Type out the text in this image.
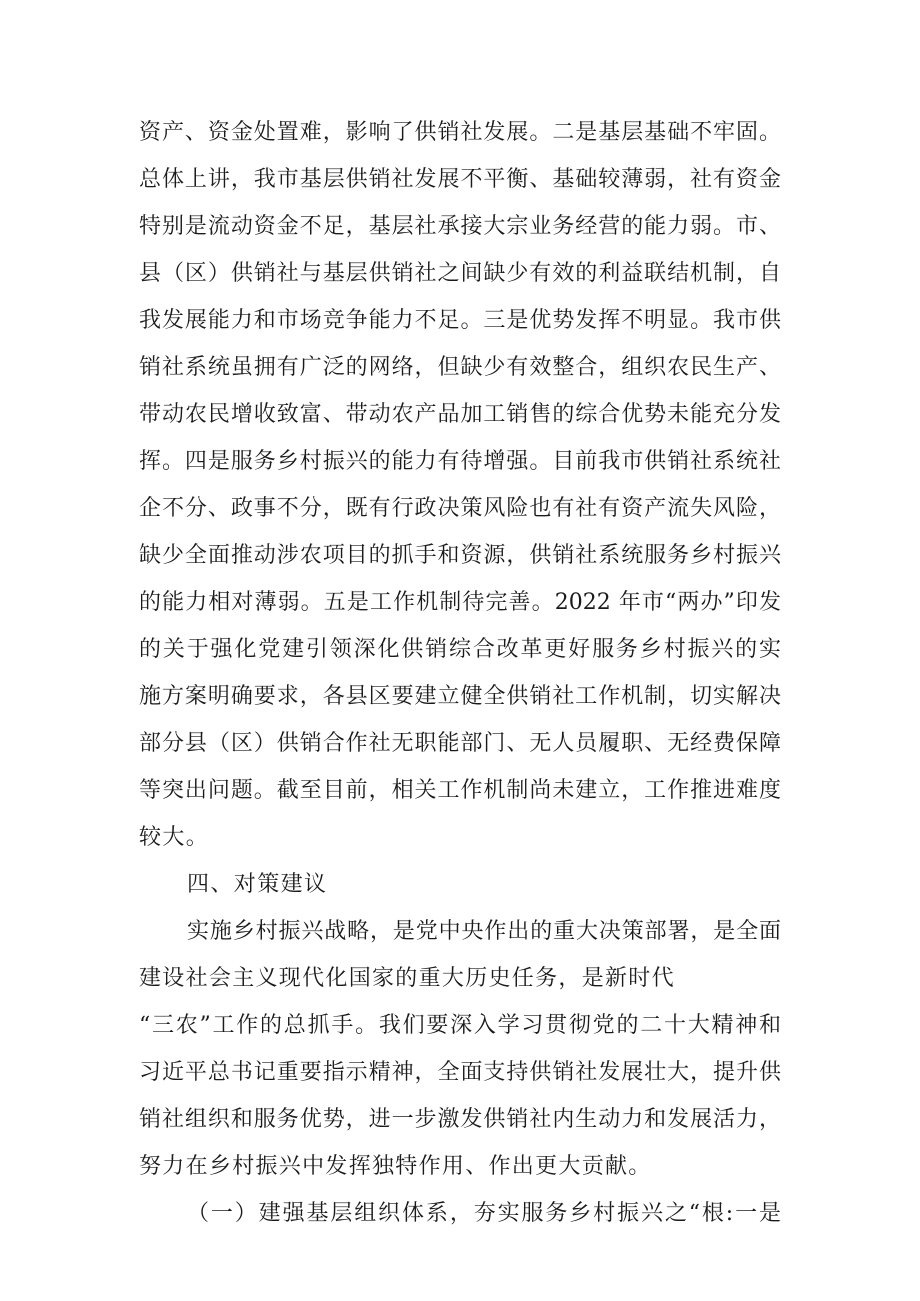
资产、资金处置难，影响了供销社发展。二是基层基础不牢固。
总体上讲，我市基层供销社发展不平衡、基础较薄弱，社有资金
特别是流动资金不足，基层社承接大宗业务经营的能力弱。市、
县（区）供销社与基层供销社之间缺少有效的利益联结机制，自
我发展能力和市场竞争能力不足。三是优势发挥不明显。我市供
销社系统虽拥有广泛的网络，但缺少有效整合，组织农民生产、
带动农民增收致富、带动农产品加工销售的综合优势未能充分发
挥。四是服务乡村振兴的能力有待增强。目前我市供销社系统社
企不分、政事不分，既有行政决策风险也有社有资产流失风险，
缺少全面推动涉农项目的抓手和资源，供销社系统服务乡村振兴
的能力相对薄弱。五是工作机制待完善。2022 年市“两办”印发
的关于强化党建引领深化供销综合改革更好服务乡村振兴的实
施方案明确要求，各县区要建立健全供销社工作机制，切实解决
部分县（区）供销合作社无职能部门、无人员履职、无经费保障
等突出问题。截至目前，相关工作机制尚未建立，工作推进难度
较大。
四、对策建议
实施乡村振兴战略，是党中央作出的重大决策部署，是全面
建设社会主义现代化国家的重大历史任务，是新时代
“三农”工作的总抓手。我们要深入学习贯彻党的二十大精神和
习近平总书记重要指示精神，全面支持供销社发展壮大，提升供
销社组织和服务优势，进一步激发供销社内生动力和发展活力，
努力在乡村振兴中发挥独特作用、作出更大贡献。
（一）建强基层组织体系，夯实服务乡村振兴之“根:一是
